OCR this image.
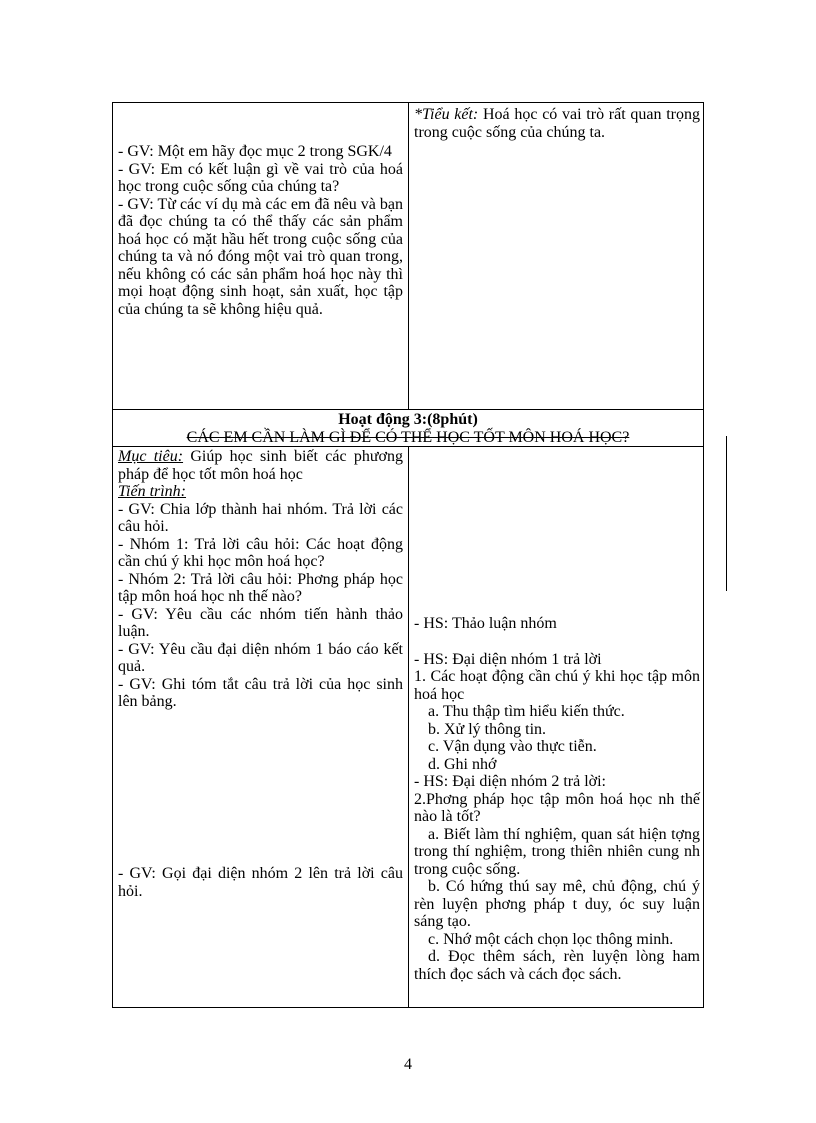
- GV: Một em hãy đọc mục 2 trong SGK/4

- GV: Em có kết luận gì về vai trò của hoá học trong cuộc sống của chúng ta?

- GV: Từ các ví dụ mà các em đã nêu và bạn đã đọc chúng ta có thể thấy các sản phẩm hoá học có mặt hầu hết trong cuộc sống của chúng ta và nó đóng một vai trò quan trong, nếu không có các sản phẩm hoá học này thì mọi hoạt động sinh hoạt, sản xuất, học tập của chúng ta sẽ không hiệu quả.

*Tiểu kết: Hoá học có vai trò rất quan trọng trong cuộc sống của chúng ta.

Hoạt động 3:(8phút)

CÁC EM CẦN LÀM GÌ ĐỂ CÓ THỂ HỌC TỐT MÔN HOÁ HỌC?

Mục tiêu: Giúp học sinh biết các phương pháp để học tốt môn hoá học

Tiến trình:

- GV: Chia lớp thành hai nhóm. Trả lời các câu hỏi.

- Nhóm 1: Trả lời câu hỏi: Các hoạt động cần chú ý khi học môn hoá học?

- Nhóm 2: Trả lời câu hỏi: Phơng pháp học tập môn hoá học nh thế nào?

- GV: Yêu cầu các nhóm tiến hành thảo luận.

- GV: Yêu cầu đại diện nhóm 1 báo cáo kết quả.

- GV: Ghi tóm tắt câu trả lời của học sinh lên bảng.

- GV: Gọi đại diện nhóm 2 lên trả lời câu hỏi.

- HS: Thảo luận nhóm

- HS: Đại diện nhóm 1 trả lời

1. Các hoạt động cần chú ý khi học tập môn hoá học

a. Thu thập tìm hiểu kiến thức.

b. Xử lý thông tin.

c. Vận dụng vào thực tiễn.

d. Ghi nhớ

- HS: Đại diện nhóm 2 trả lời:

2.Phơng pháp học tập môn hoá học nh thế nào là tốt?

a. Biết làm thí nghiệm, quan sát hiện tợng trong thí nghiệm, trong thiên nhiên cung nh trong cuộc sống.

b. Có hứng thú say mê, chủ động, chú ý rèn luyện phơng pháp t duy, óc suy luận sáng tạo.

c. Nhớ một cách chọn lọc thông minh.

d. Đọc thêm sách, rèn luyện lòng ham thích đọc sách và cách đọc sách.

4
